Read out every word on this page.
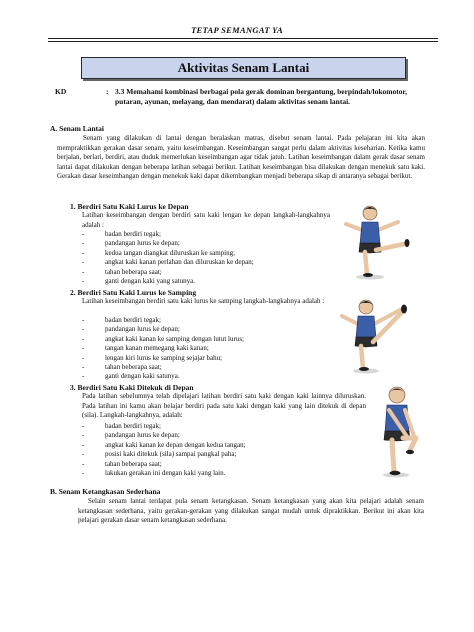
TETAP SEMANGAT YA
Aktivitas Senam Lantai
KD	: 3.3 Memahami kombinasi berbagai pola gerak dominan bergantung, berpindah/lokomotor, putaran, ayunan, melayang, dan mendarat) dalam aktivitas senam lantai.
A. Senam Lantai
Senam yang dilakukan di lantai dengan beralaskan matras, disebut senam lantai. Pada pelajaran ini kita akan mempraktikkan gerakan dasar senam, yaitu keseimbangan. Keseimbangan sangat perlu dalam aktivitas keseharian. Ketika kamu berjalan, berlari, berdiri, atau duduk memerlukan keseimbangan agar tidak jatuh. Latihan keseimbangan dalam gerak dasar senam lantai dapat dilakukan dengan beberapa latihan sebagai berikut. Latihan keseimbangan bisa dilakukan dengan menekuk satu kaki. Gerakan dasar keseimbangan dengan menekuk kaki dapat dikembangkan menjadi beberapa sikap di antaranya sebagai berikut.
1. Berdiri Satu Kaki Lurus ke Depan
Latihan keseimbangan dengan berdiri satu kaki lengan ke depan langkah-langkahnya adalah :
- badan berdiri tegak;
- pandangan lurus ke depan;
- kedua tangan diangkat diluruskan ke samping;
- angkat kaki kanan perlahan dan diluruskan ke depan;
- tahan beberapa saat;
- ganti dengan kaki yang satunya.
2. Berdiri Satu Kaki Lurus ke Samping
Latihan keseimbangan berdiri satu kaki lurus ke samping langkah-langkahnya adalah :
- badan berdiri tegak;
- pandangan lurus ke depan;
- angkat kaki kanan ke samping dengan lutut lurus;
- tangan kanan memegang kaki kanan;
- lengan kiri lurus ke samping sejajar bahu;
- tahan beberapa saat;
- ganti dengan kaki satunya.
3. Berdiri Satu Kaki Ditekuk di Depan
Pada latihan sebelumnya telah dipelajari latihan berdiri satu kaki dengan kaki lainnya diluruskan. Pada latihan ini kamu akan belajar berdiri pada satu kaki dengan kaki yang lain ditekuk di depan (sila). Langkah-langkahnya, adalah:
- badan berdiri tegak;
- pandangan lurus ke depan;
- angkat kaki kanan ke depan dengan kedua tangan;
- posisi kaki ditekuk (sila) sampai pangkal paha;
- tahan beberapa saat;
- lakukan gerakan ini dengan kaki yang lain.
B. Senam Ketangkasan Sederhana
Selain senam lantai terdapat pula senam ketangkasan. Senam ketangkasan yang akan kita pelajari adalah senam ketangkasan sederhana, yaitu gerakan-gerakan yang dilakukan sangat mudah untuk dipraktikkan. Berikut ini akan kita pelajari gerakan dasar senam ketangkasan sederhana.
